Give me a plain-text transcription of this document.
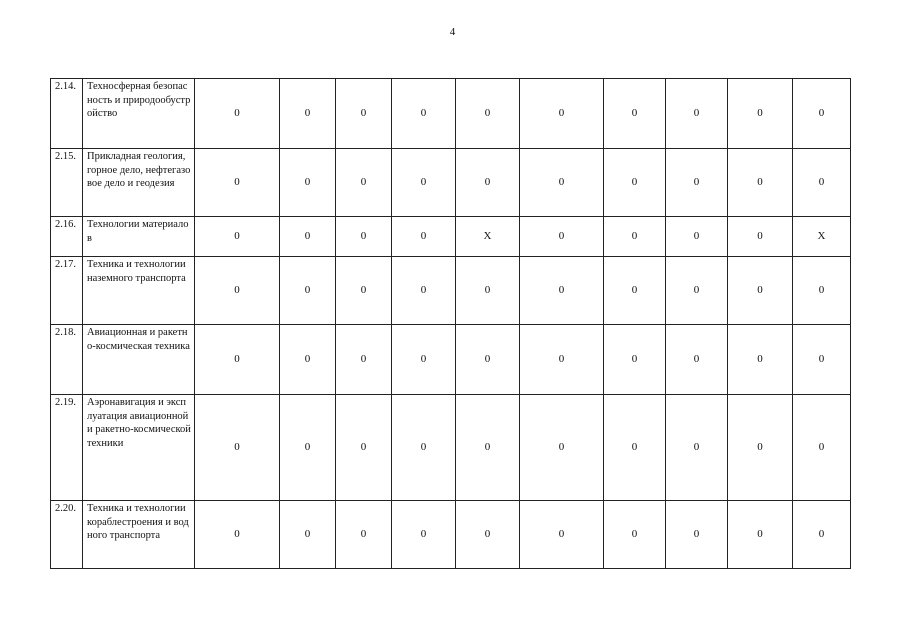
4
2.14.	Техносферная безопасность и природообустройство	0	0	0	0	0	0	0	0	0	0
2.15.	Прикладная геология, горное дело, нефтегазовое дело и геодезия	0	0	0	0	0	0	0	0	0	0
2.16.	Технологии материалов	0	0	0	0	X	0	0	0	0	X
2.17.	Техника и технологии наземного транспорта	0	0	0	0	0	0	0	0	0	0
2.18.	Авиационная и ракетно-космическая техника	0	0	0	0	0	0	0	0	0	0
2.19.	Аэронавигация и эксплуатация авиационной и ракетно-космической техники	0	0	0	0	0	0	0	0	0	0
2.20.	Техника и технологии кораблестроения и водного транспорта	0	0	0	0	0	0	0	0	0	0
